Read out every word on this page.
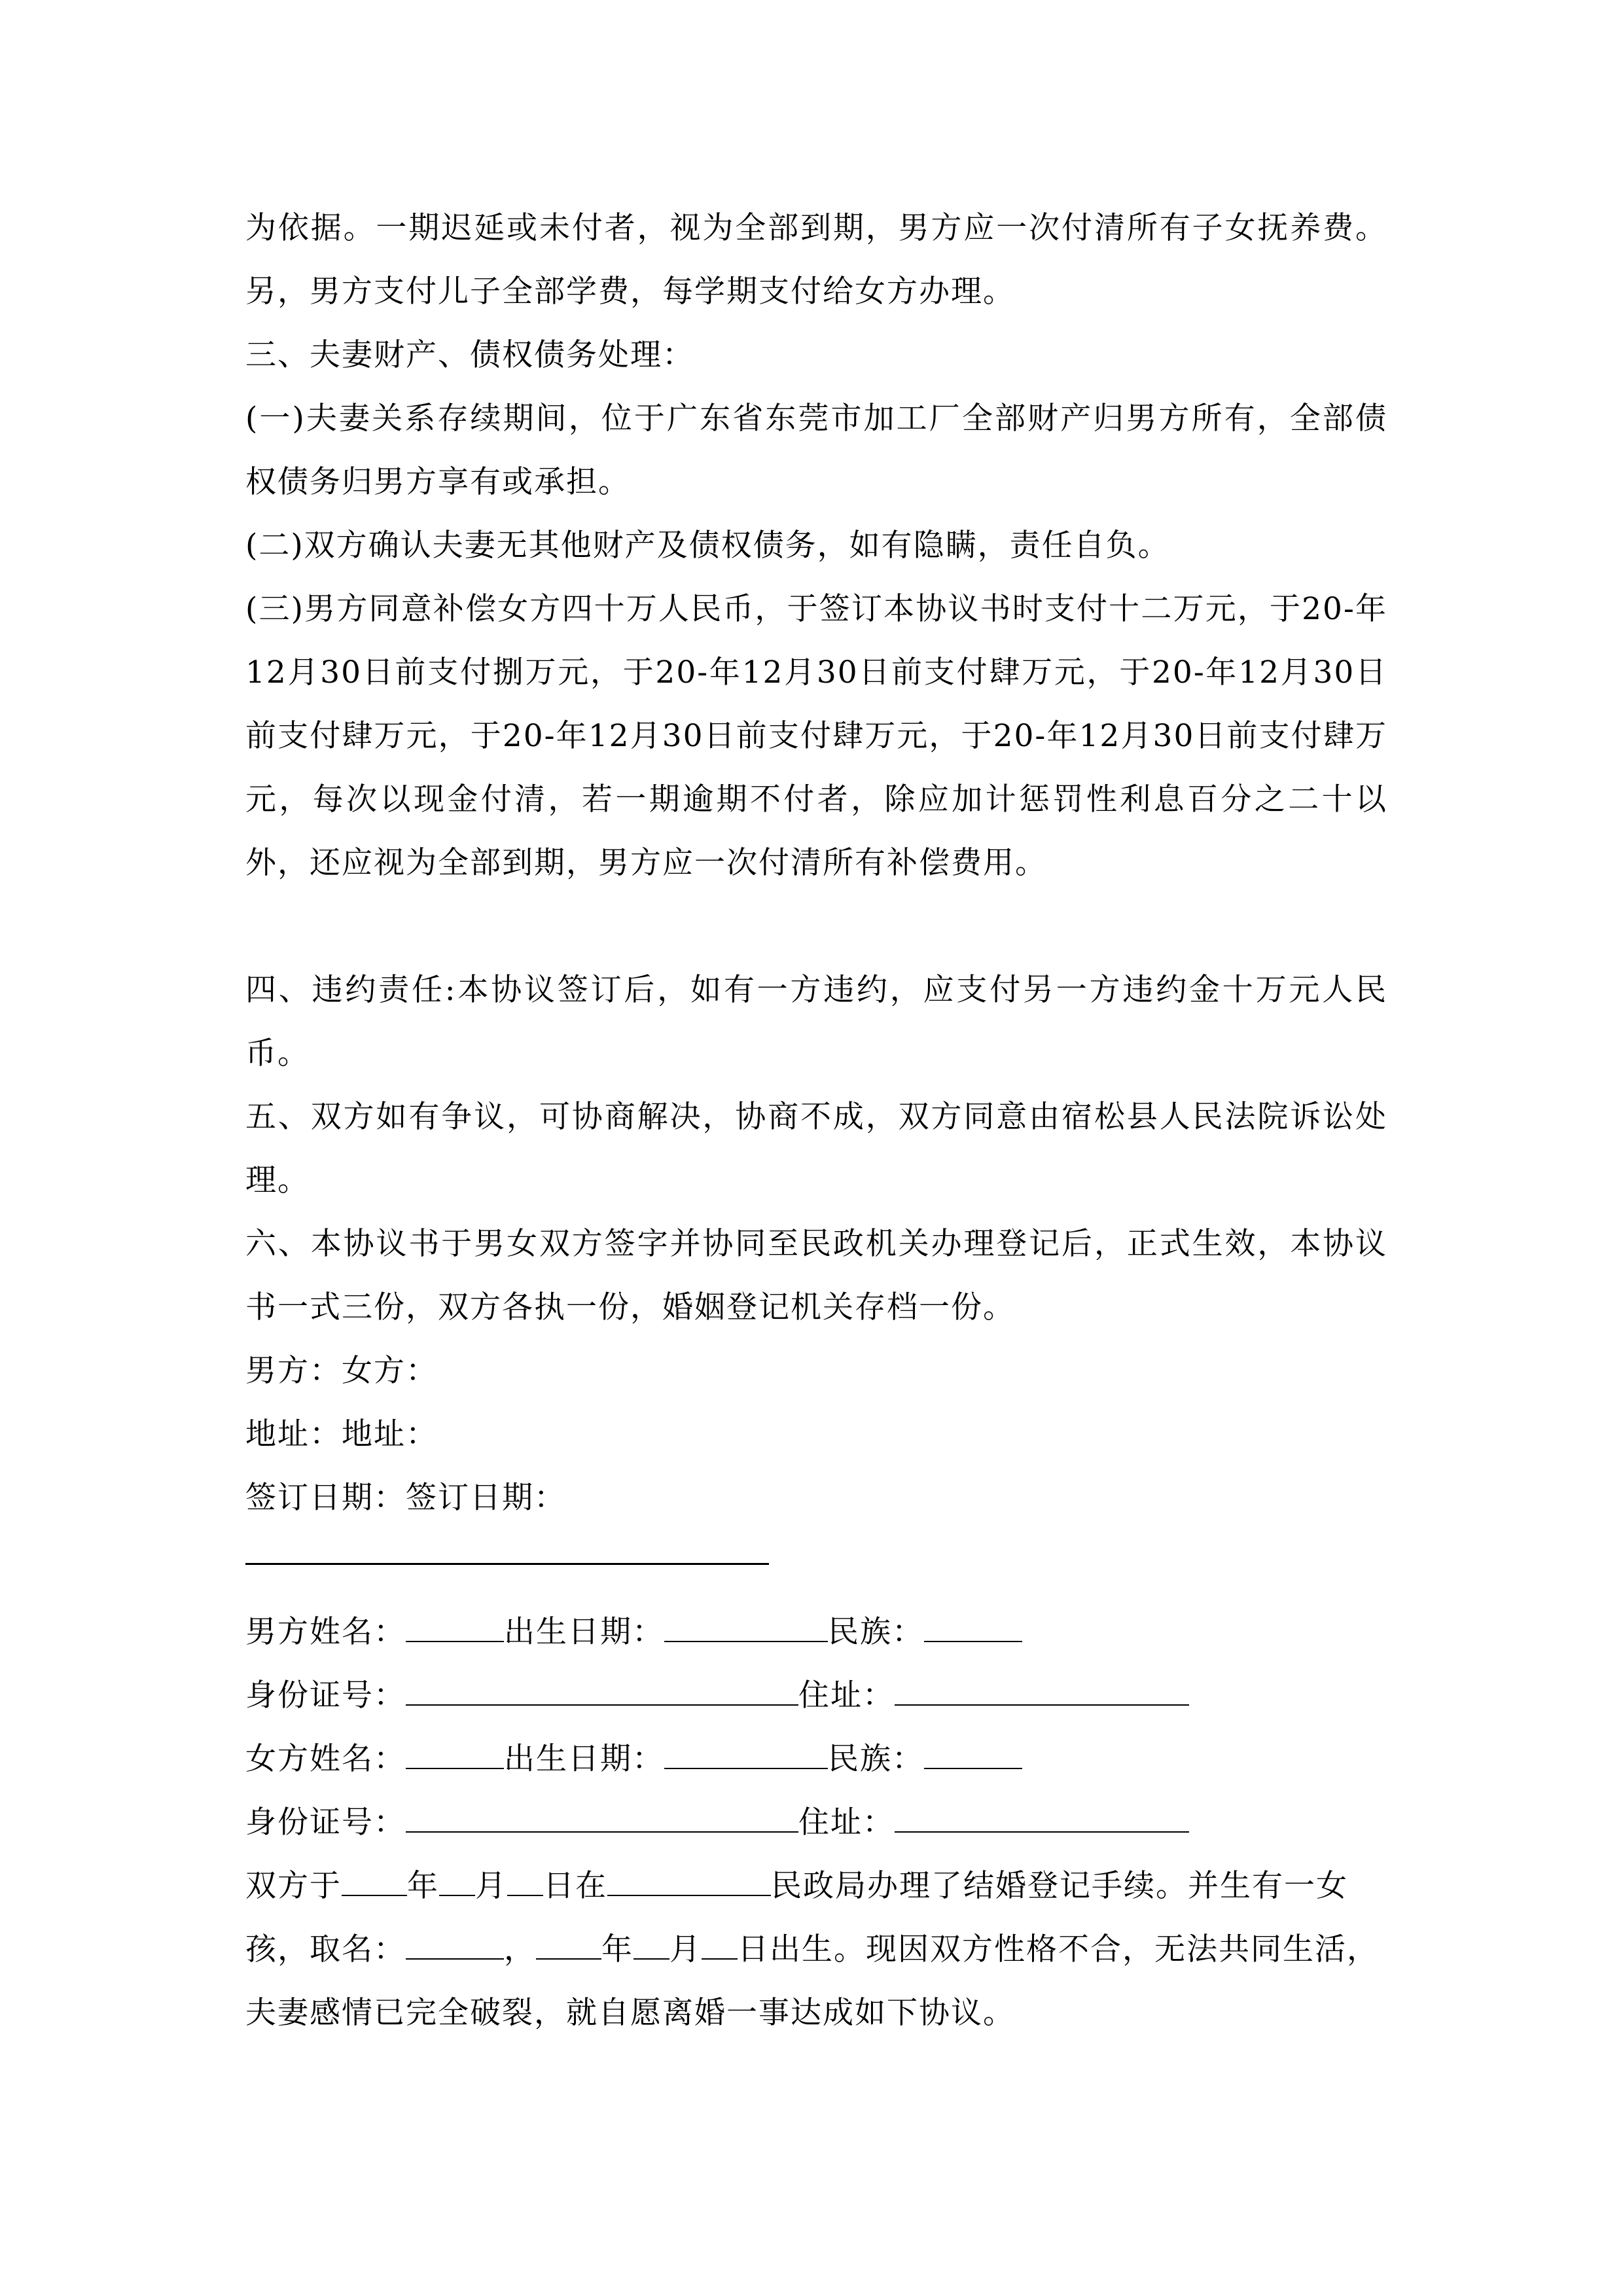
为依据。一期迟延或未付者，视为全部到期，男方应一次付清所有子女抚养费。另，男方支付儿子全部学费，每学期支付给女方办理。

三、夫妻财产、债权债务处理：

(一)夫妻关系存续期间，位于广东省东莞市加工厂全部财产归男方所有，全部债权债务归男方享有或承担。

(二)双方确认夫妻无其他财产及债权债务，如有隐瞒，责任自负。

(三)男方同意补偿女方四十万人民币，于签订本协议书时支付十二万元，于20-年12月30日前支付捌万元，于20-年12月30日前支付肆万元，于20-年12月30日前支付肆万元，于20-年12月30日前支付肆万元，于20-年12月30日前支付肆万元，每次以现金付清，若一期逾期不付者，除应加计惩罚性利息百分之二十以外，还应视为全部到期，男方应一次付清所有补偿费用。

四、违约责任:本协议签订后，如有一方违约，应支付另一方违约金十万元人民币。

五、双方如有争议，可协商解决，协商不成，双方同意由宿松县人民法院诉讼处理。

六、本协议书于男女双方签字并协同至民政机关办理登记后，正式生效，本协议书一式三份，双方各执一份，婚姻登记机关存档一份。

男方：女方：

地址：地址：

签订日期：签订日期：

男方姓名：	出生日期：	民族：

身份证号：	住址：

女方姓名：	出生日期：	民族：

身份证号：	住址：

双方于 年 月 日在	民政局办理了结婚登记手续。并生有一女

孩，取名：	， 年 月 日出生。现因双方性格不合，无法共同生活，

夫妻感情已完全破裂，就自愿离婚一事达成如下协议。
